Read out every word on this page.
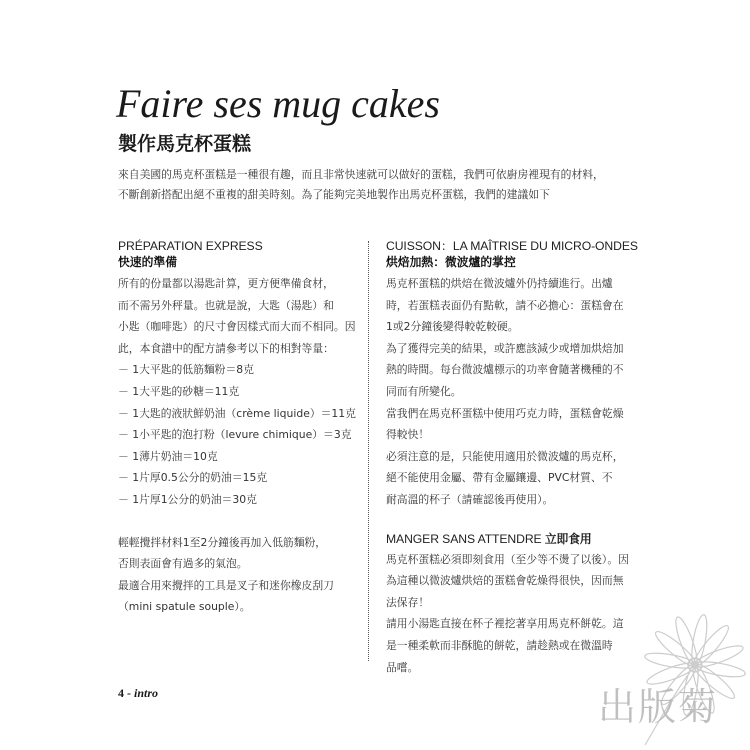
Faire ses mug cakes
製作馬克杯蛋糕

來自美國的馬克杯蛋糕是一種很有趣，而且非常快速就可以做好的蛋糕，我們可依廚房裡現有的材料，

不斷創新搭配出絕不重複的甜美時刻。為了能夠完美地製作出馬克杯蛋糕，我們的建議如下

PRÉPARATION EXPRESS
快速的準備
所有的份量都以湯匙計算，更方便準備食材，
而不需另外秤量。也就是說，大匙（湯匙）和
小匙（咖啡匙）的尺寸會因樣式而大而不相同。因
此，本食譜中的配方請參考以下的相對等量：
－ 1大平匙的低筋麵粉＝8克
－ 1大平匙的砂糖＝11克
－ 1大匙的液狀鮮奶油（crème liquide）＝11克
－ 1小平匙的泡打粉（levure chimique）＝3克
－ 1薄片奶油＝10克
－ 1片厚0.5公分的奶油＝15克
－ 1片厚1公分的奶油＝30克
輕輕攪拌材料1至2分鐘後再加入低筋麵粉，
否則表面會有過多的氣泡。
最適合用來攪拌的工具是叉子和迷你橡皮刮刀
（mini spatule souple）。
CUISSON：LA MAÎTRISE DU MICRO-ONDES
烘焙加熱：微波爐的掌控
馬克杯蛋糕的烘焙在微波爐外仍持續進行。出爐
時，若蛋糕表面仍有點軟，請不必擔心：蛋糕會在
1或2分鐘後變得較乾較硬。
為了獲得完美的結果，或許應該減少或增加烘焙加
熱的時間。每台微波爐標示的功率會隨著機種的不
同而有所變化。
當我們在馬克杯蛋糕中使用巧克力時，蛋糕會乾燥
得較快！
必須注意的是，只能使用適用於微波爐的馬克杯，
絕不能使用金屬、帶有金屬鑲邊、PVC材質、不
耐高溫的杯子（請確認後再使用）。
MANGER SANS ATTENDRE 立即食用
馬克杯蛋糕必須即刻食用（至少等不燙了以後）。因
為這種以微波爐烘焙的蛋糕會乾燥得很快，因而無
法保存！
請用小湯匙直接在杯子裡挖著享用馬克杯餅乾。這
是一種柔軟而非酥脆的餅乾，請趁熱或在微溫時
品嚐。
4 - intro	出版菊
